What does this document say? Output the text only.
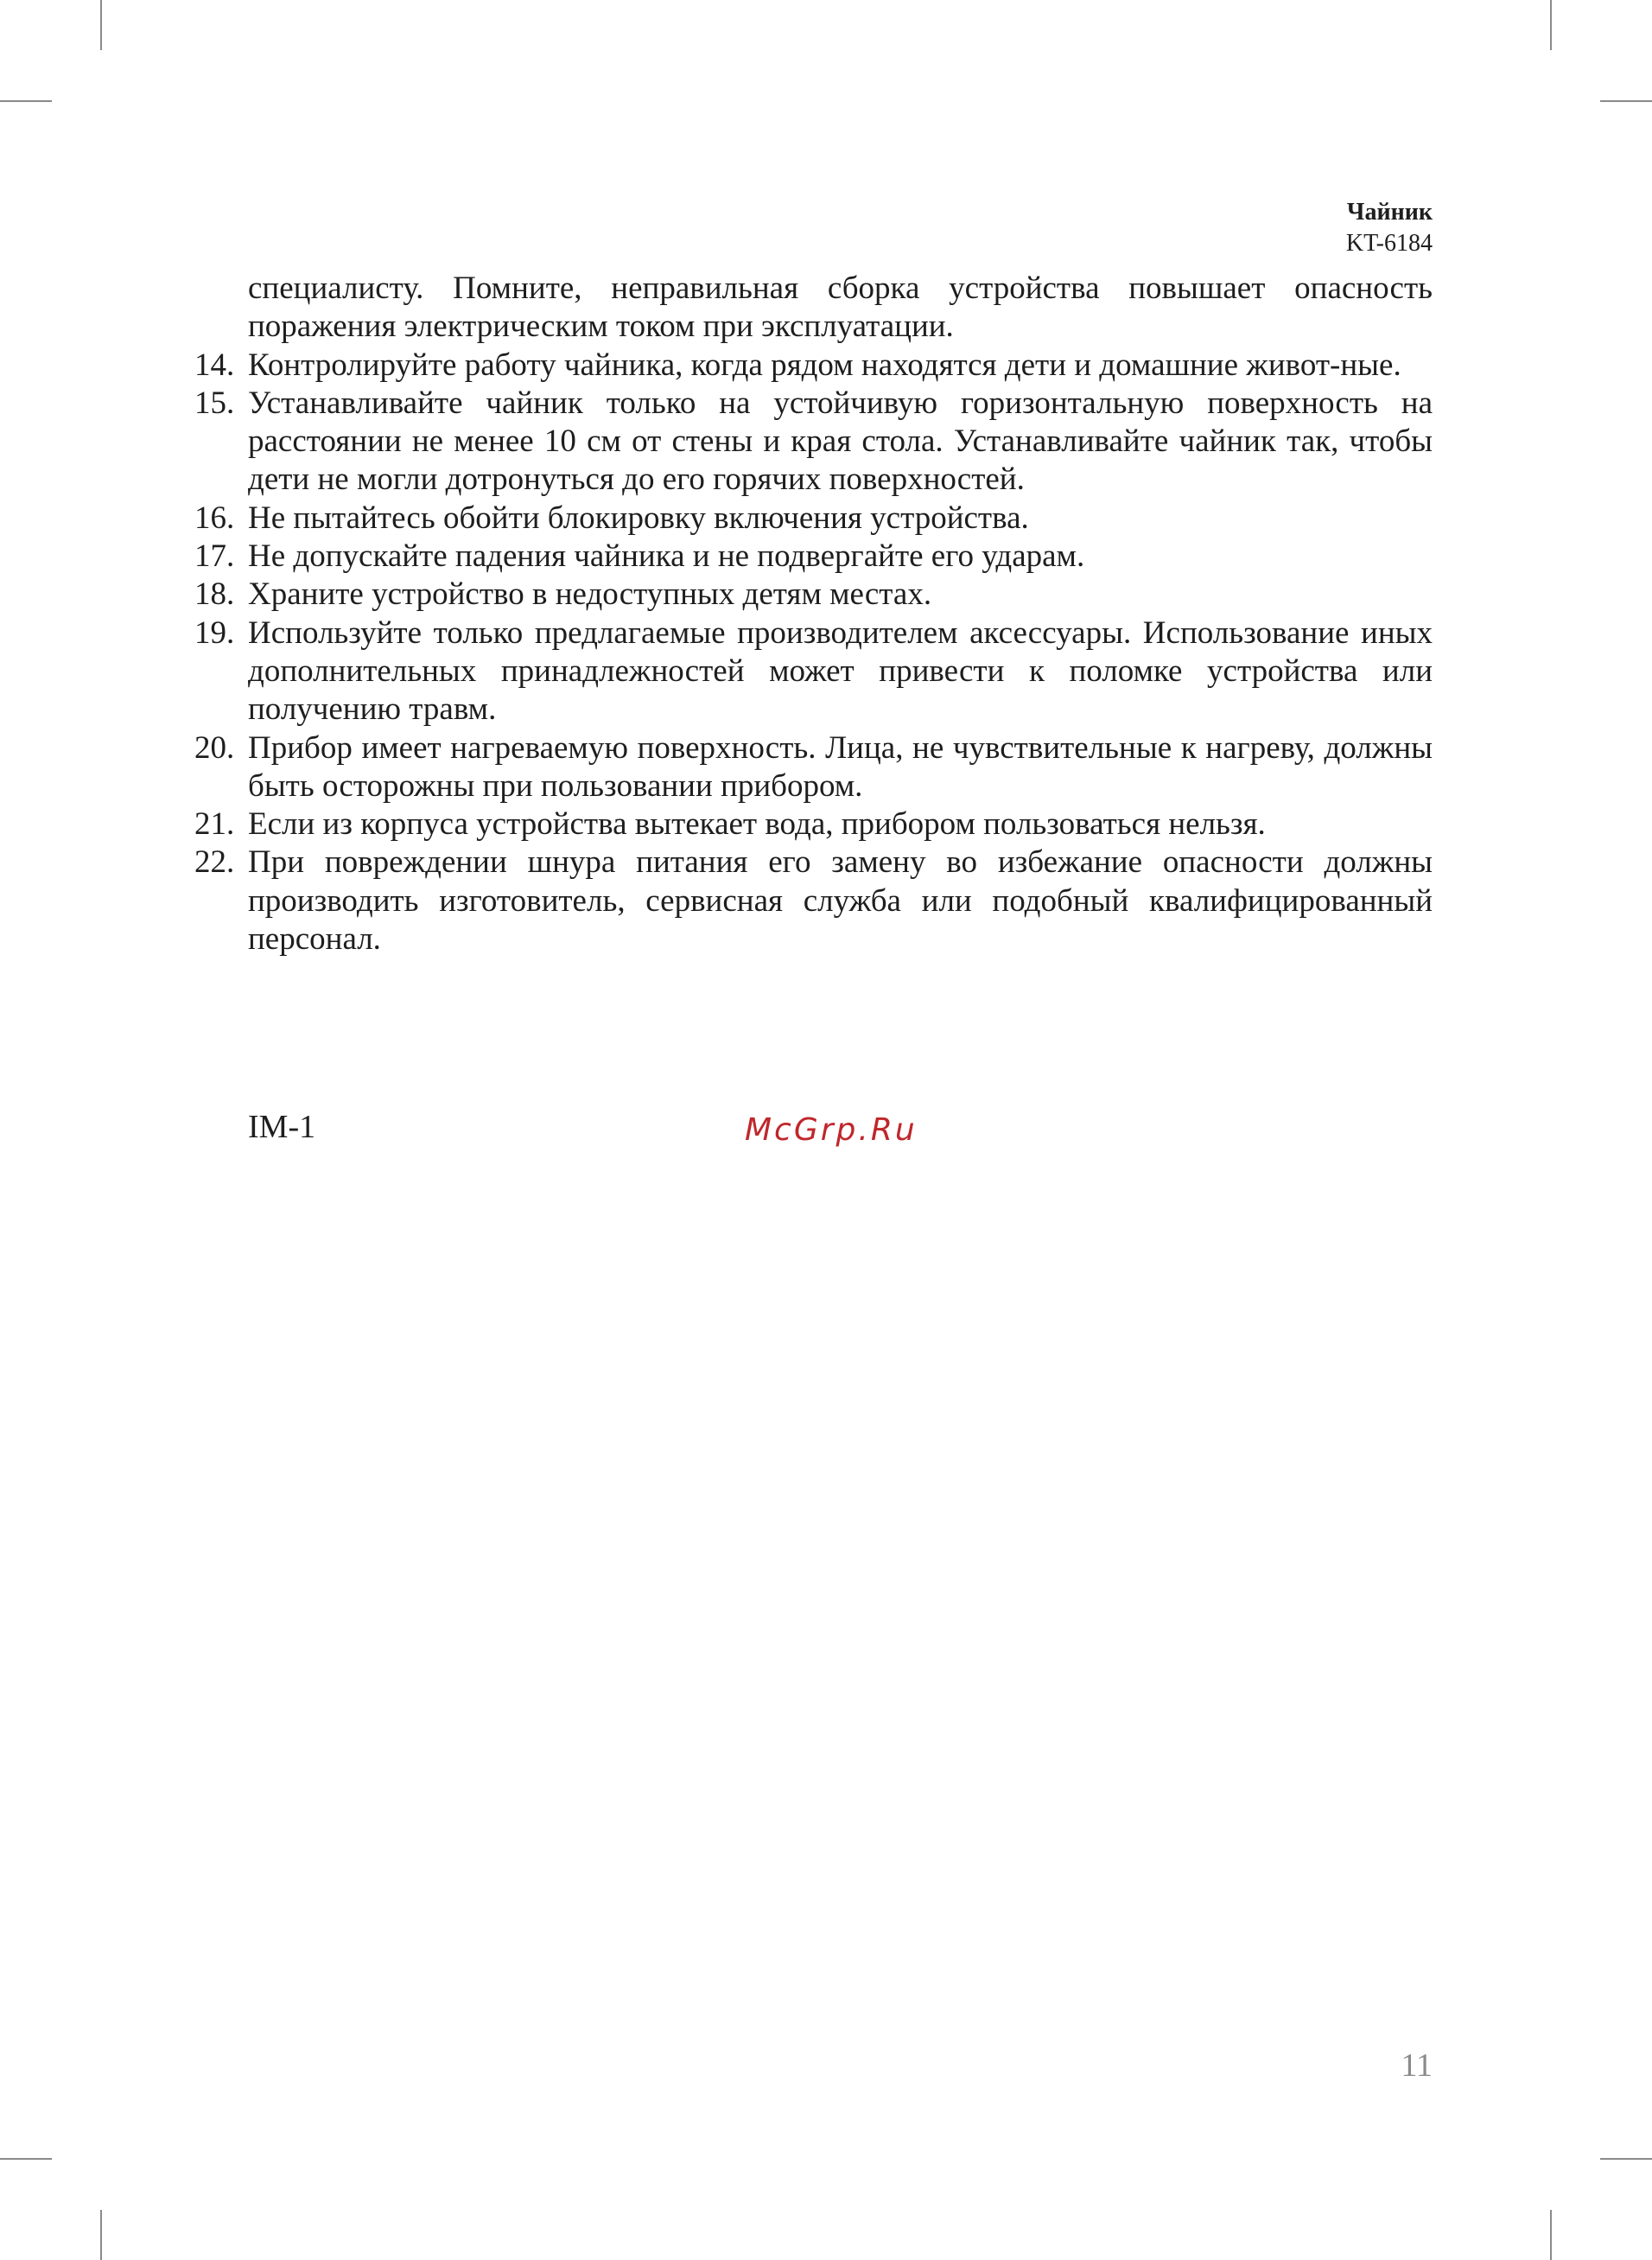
Чайник
KT-6184

специалисту. Помните, неправильная сборка устройства повышает опасность поражения электрическим током при эксплуатации.

14. Контролируйте работу чайника, когда рядом находятся дети и домашние живот-ные.
15. Устанавливайте чайник только на устойчивую горизонтальную поверхность на расстоянии не менее 10 см от стены и края стола. Устанавливайте чайник так, чтобы дети не могли дотронуться до его горячих поверхностей.
16. Не пытайтесь обойти блокировку включения устройства.
17. Не допускайте падения чайника и не подвергайте его ударам.
18. Храните устройство в недоступных детям местах.
19. Используйте только предлагаемые производителем аксессуары. Использование иных дополнительных принадлежностей может привести к поломке устройства или получению травм.
20. Прибор имеет нагреваемую поверхность. Лица, не чувствительные к нагреву, должны быть осторожны при пользовании прибором.
21. Если из корпуса устройства вытекает вода, прибором пользоваться нельзя.
22. При повреждении шнура питания его замену во избежание опасности должны производить изготовитель, сервисная служба или подобный квалифицированный персонал.
IM-1	McGrp.Ru
11
